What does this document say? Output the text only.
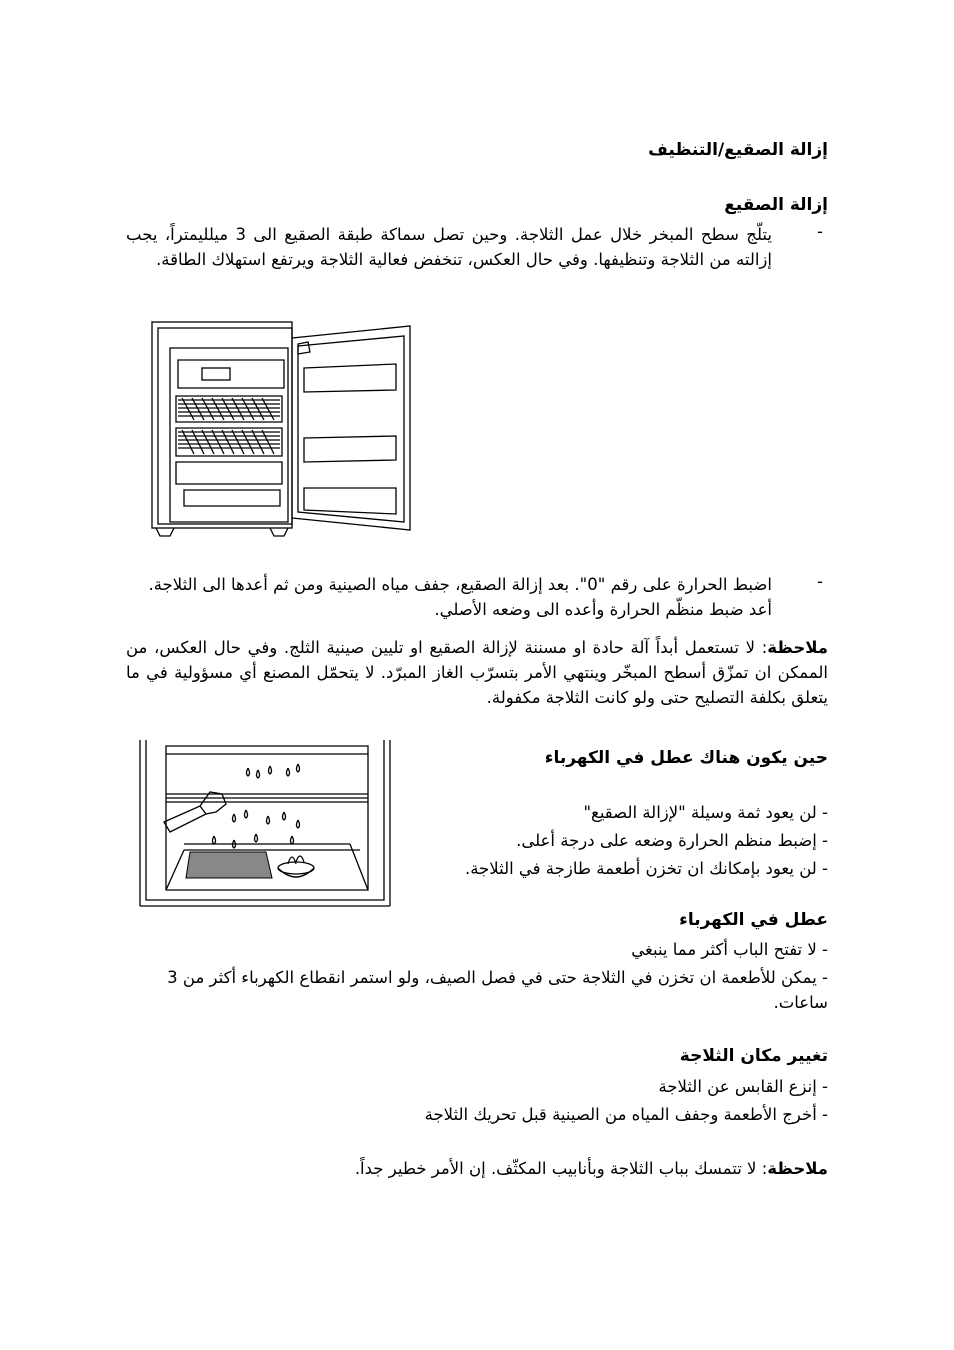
إزالة الصقيع/التنظيف
إزالة الصقيع
يتلّج سطح المبخر خلال عمل الثلاجة. وحين تصل سماكة طبقة الصقيع الى 3 ميلليمتراً، يجب إزالته من الثلاجة وتنظيفها. وفي حال العكس، تنخفض فعالية الثلاجة ويرتفع استهلاك الطاقة.
-
-
اضبط الحرارة على رقم "0". بعد إزالة الصقيع، جفف مياه الصينية ومن ثم أعدها الى الثلاجة. أعد ضبط منظّم الحرارة وأعده الى وضعه الأصلي.
ملاحظة: لا تستعمل أبداً آلة حادة او مسننة لإزالة الصقيع او تليين صينية الثلج. وفي حال العكس، من الممكن ان تمزّق أسطح المبخّر وينتهي الأمر بتسرّب الغاز المبرّد. لا يتحمّل المصنع أي مسؤولية في ما يتعلق بكلفة التصليح حتى ولو كانت الثلاجة مكفولة.
حين يكون هناك عطل في الكهرباء
- لن يعود ثمة وسيلة "لإزالة الصقيع"
- إضبط منظم الحرارة وضعه على درجة أعلى.
- لن يعود بإمكانك ان تخزن أطعمة طازجة في الثلاجة.
عطل في الكهرباء
- لا تفتح الباب أكثر مما ينبغي
- يمكن للأطعمة ان تخزن في الثلاجة حتى في فصل الصيف، ولو استمر انقطاع الكهرباء أكثر من 3 ساعات.
تغيير مكان الثلاجة
- إنزع القابس عن الثلاجة
- أخرج الأطعمة وجفف المياه من الصينية قبل تحريك الثلاجة
ملاحظة: لا تتمسك بباب الثلاجة وبأنابيب المكثّف. إن الأمر خطير جداً.
